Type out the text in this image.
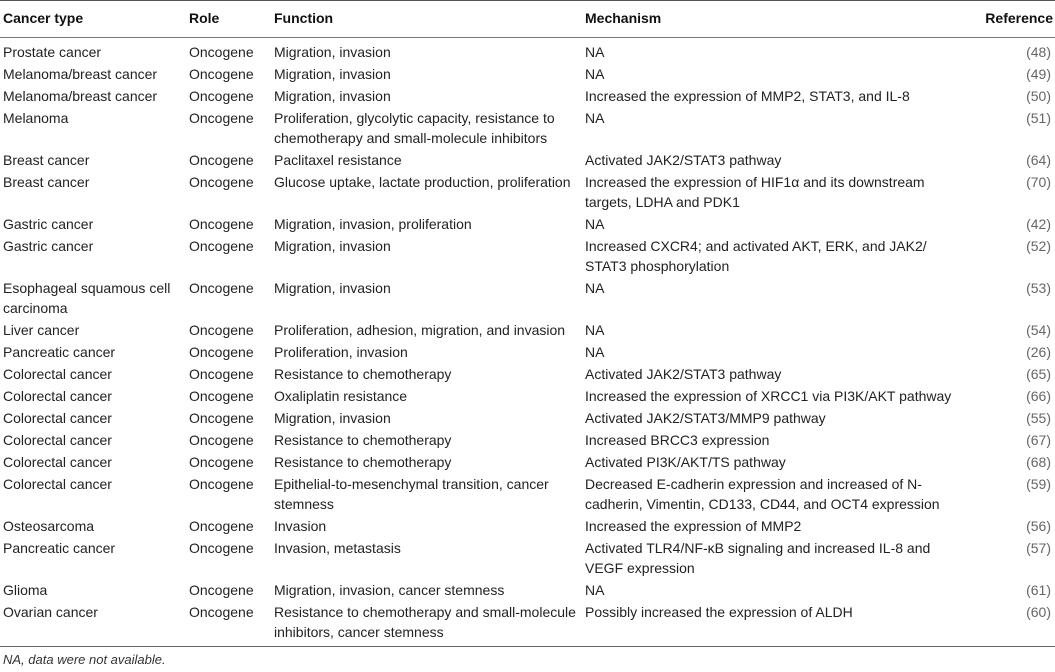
Cancer type	Role	Function	Mechanism	Reference
Prostate cancer	Oncogene	Migration, invasion	NA	(48)
Melanoma/breast cancer	Oncogene	Migration, invasion	NA	(49)
Melanoma/breast cancer	Oncogene	Migration, invasion	Increased the expression of MMP2, STAT3, and IL-8	(50)
Melanoma	Oncogene	Proliferation, glycolytic capacity, resistance to chemotherapy and small-molecule inhibitors	NA	(51)
Breast cancer	Oncogene	Paclitaxel resistance	Activated JAK2/STAT3 pathway	(64)
Breast cancer	Oncogene	Glucose uptake, lactate production, proliferation	Increased the expression of HIF1α and its downstream targets, LDHA and PDK1	(70)
Gastric cancer	Oncogene	Migration, invasion, proliferation	NA	(42)
Gastric cancer	Oncogene	Migration, invasion	Increased CXCR4; and activated AKT, ERK, and JAK2/ STAT3 phosphorylation	(52)
Esophageal squamous cell carcinoma	Oncogene	Migration, invasion	NA	(53)
Liver cancer	Oncogene	Proliferation, adhesion, migration, and invasion	NA	(54)
Pancreatic cancer	Oncogene	Proliferation, invasion	NA	(26)
Colorectal cancer	Oncogene	Resistance to chemotherapy	Activated JAK2/STAT3 pathway	(65)
Colorectal cancer	Oncogene	Oxaliplatin resistance	Increased the expression of XRCC1 via PI3K/AKT pathway	(66)
Colorectal cancer	Oncogene	Migration, invasion	Activated JAK2/STAT3/MMP9 pathway	(55)
Colorectal cancer	Oncogene	Resistance to chemotherapy	Increased BRCC3 expression	(67)
Colorectal cancer	Oncogene	Resistance to chemotherapy	Activated PI3K/AKT/TS pathway	(68)
Colorectal cancer	Oncogene	Epithelial-to-mesenchymal transition, cancer stemness	Decreased E-cadherin expression and increased of N-cadherin, Vimentin, CD133, CD44, and OCT4 expression	(59)
Osteosarcoma	Oncogene	Invasion	Increased the expression of MMP2	(56)
Pancreatic cancer	Oncogene	Invasion, metastasis	Activated TLR4/NF-κB signaling and increased IL-8 and VEGF expression	(57)
Glioma	Oncogene	Migration, invasion, cancer stemness	NA	(61)
Ovarian cancer	Oncogene	Resistance to chemotherapy and small-molecule inhibitors, cancer stemness	Possibly increased the expression of ALDH	(60)
NA, data were not available.
